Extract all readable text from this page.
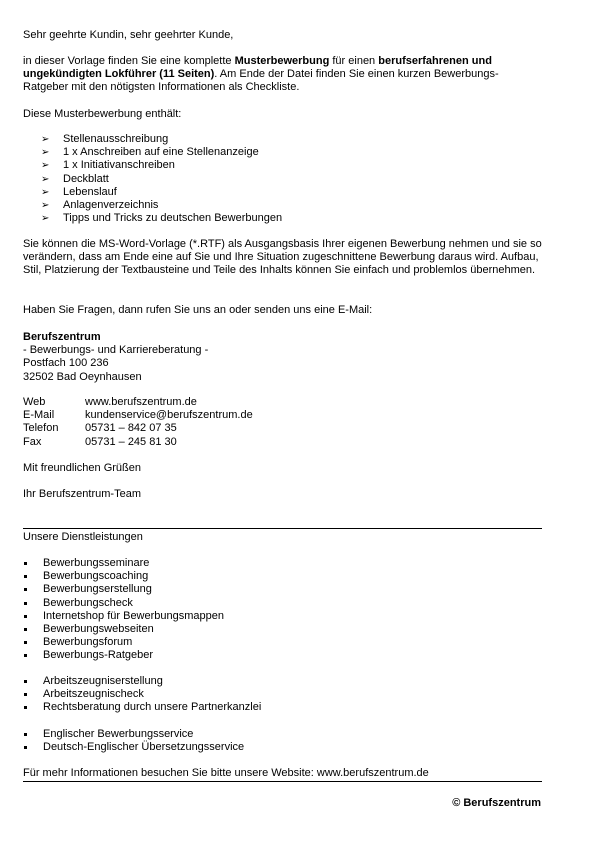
Sehr geehrte Kundin, sehr geehrter Kunde,

in dieser Vorlage finden Sie eine komplette Musterbewerbung für einen berufserfahrenen und ungekündigten Lokführer (11 Seiten). Am Ende der Datei finden Sie einen kurzen Bewerbungs-Ratgeber mit den nötigsten Informationen als Checkliste.

Diese Musterbewerbung enthält:

➢ Stellenausschreibung
➢ 1 x Anschreiben auf eine Stellenanzeige
➢ 1 x Initiativanschreiben
➢ Deckblatt
➢ Lebenslauf
➢ Anlagenverzeichnis
➢ Tipps und Tricks zu deutschen Bewerbungen

Sie können die MS-Word-Vorlage (*.RTF) als Ausgangsbasis Ihrer eigenen Bewerbung nehmen und sie so verändern, dass am Ende eine auf Sie und Ihre Situation zugeschnittene Bewerbung daraus wird. Aufbau, Stil, Platzierung der Textbausteine und Teile des Inhalts können Sie einfach und problemlos übernehmen.

Haben Sie Fragen, dann rufen Sie uns an oder senden uns eine E-Mail:

Berufszentrum
- Bewerbungs- und Karriereberatung -
Postfach 100 236
32502 Bad Oeynhausen
Web	www.berufszentrum.de
E-Mail	kundenservice@berufszentrum.de
Telefon	05731 – 842 07 35
Fax	05731 – 245 81 30

Mit freundlichen Grüßen

Ihr Berufszentrum-Team

Unsere Dienstleistungen

Bewerbungsseminare
Bewerbungscoaching
Bewerbungserstellung
Bewerbungscheck
Internetshop für Bewerbungsmappen
Bewerbungswebseiten
Bewerbungsforum
Bewerbungs-Ratgeber
Arbeitszeugniserstellung
Arbeitszeugnischeck
Rechtsberatung durch unsere Partnerkanzlei
Englischer Bewerbungsservice
Deutsch-Englischer Übersetzungsservice

Für mehr Informationen besuchen Sie bitte unsere Website: www.berufszentrum.de

© Berufszentrum
